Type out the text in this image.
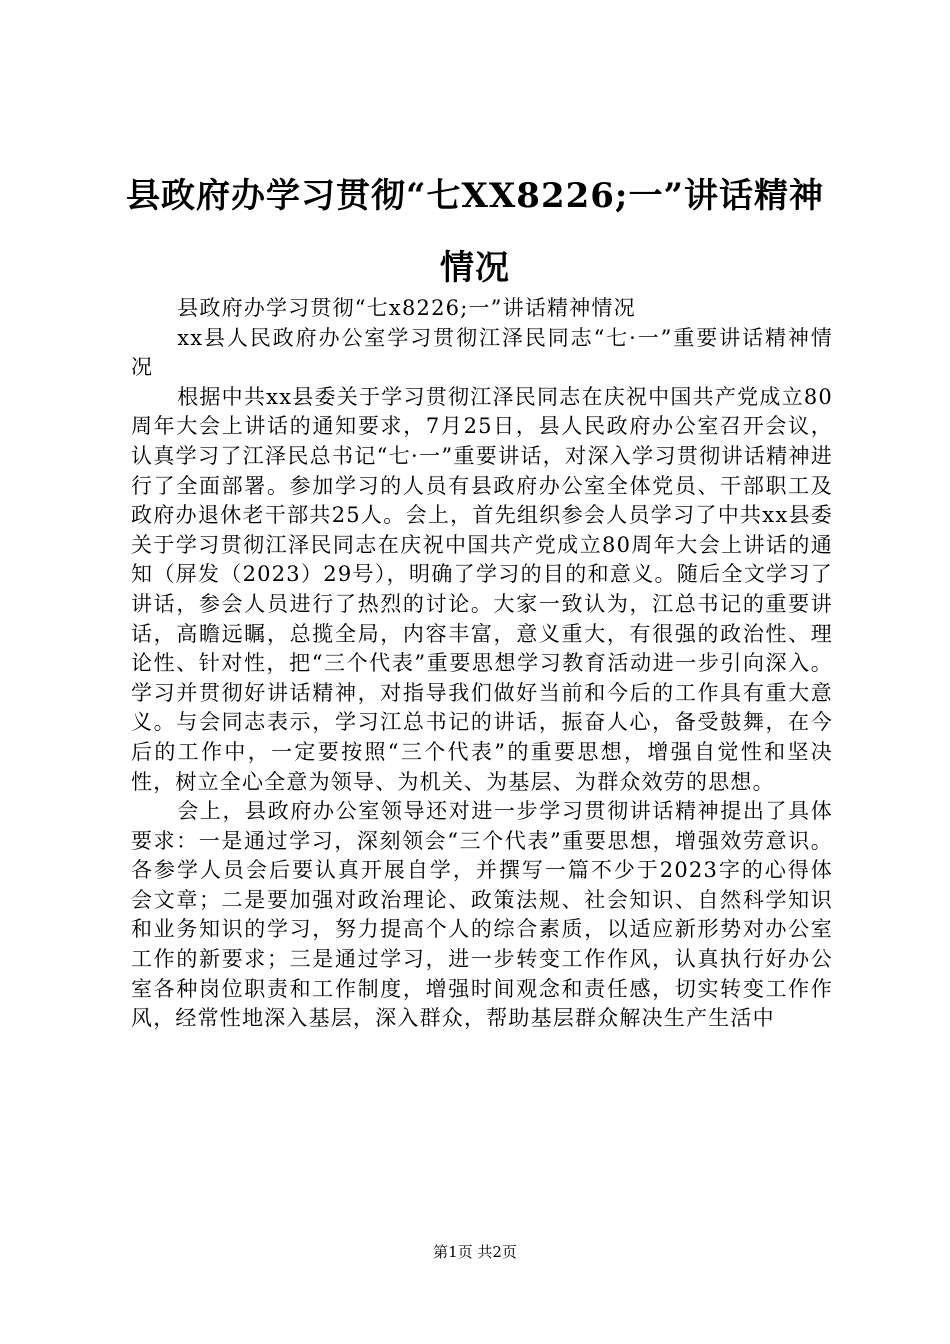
县政府办学习贯彻“七XX8226;一”讲话精神情况

县政府办学习贯彻“七x8226;一”讲话精神情况

xx县人民政府办公室学习贯彻江泽民同志“七·一”重要讲话精神情况

根据中共xx县委关于学习贯彻江泽民同志在庆祝中国共产党成立80周年大会上讲话的通知要求，7月25日，县人民政府办公室召开会议，认真学习了江泽民总书记“七·一”重要讲话，对深入学习贯彻讲话精神进行了全面部署。参加学习的人员有县政府办公室全体党员、干部职工及政府办退休老干部共25人。会上，首先组织参会人员学习了中共xx县委关于学习贯彻江泽民同志在庆祝中国共产党成立80周年大会上讲话的通知（屏发（2023）29号），明确了学习的目的和意义。随后全文学习了讲话，参会人员进行了热烈的讨论。大家一致认为，江总书记的重要讲话，高瞻远瞩，总揽全局，内容丰富，意义重大，有很强的政治性、理论性、针对性，把“三个代表”重要思想学习教育活动进一步引向深入。学习并贯彻好讲话精神，对指导我们做好当前和今后的工作具有重大意义。与会同志表示，学习江总书记的讲话，振奋人心，备受鼓舞，在今后的工作中，一定要按照“三个代表”的重要思想，增强自觉性和坚决性，树立全心全意为领导、为机关、为基层、为群众效劳的思想。

会上，县政府办公室领导还对进一步学习贯彻讲话精神提出了具体要求：一是通过学习，深刻领会“三个代表”重要思想，增强效劳意识。各参学人员会后要认真开展自学，并撰写一篇不少于2023字的心得体会文章；二是要加强对政治理论、政策法规、社会知识、自然科学知识和业务知识的学习，努力提高个人的综合素质，以适应新形势对办公室工作的新要求；三是通过学习，进一步转变工作作风，认真执行好办公室各种岗位职责和工作制度，增强时间观念和责任感，切实转变工作作风，经常性地深入基层，深入群众，帮助基层群众解决生产生活中

第1页 共2页
